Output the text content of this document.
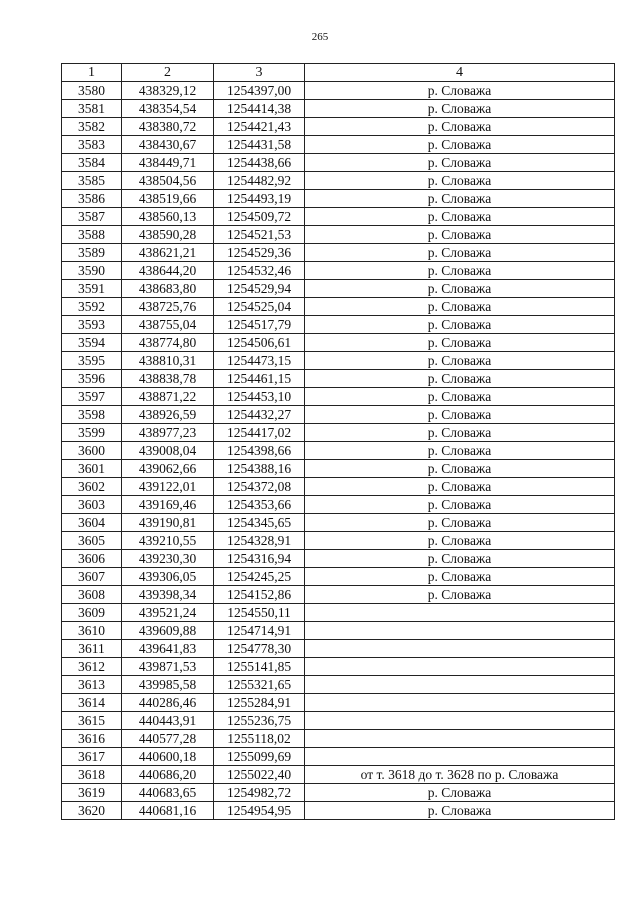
265
1	2	3	4
3580	438329,12	1254397,00	р. Словажа
3581	438354,54	1254414,38	р. Словажа
3582	438380,72	1254421,43	р. Словажа
3583	438430,67	1254431,58	р. Словажа
3584	438449,71	1254438,66	р. Словажа
3585	438504,56	1254482,92	р. Словажа
3586	438519,66	1254493,19	р. Словажа
3587	438560,13	1254509,72	р. Словажа
3588	438590,28	1254521,53	р. Словажа
3589	438621,21	1254529,36	р. Словажа
3590	438644,20	1254532,46	р. Словажа
3591	438683,80	1254529,94	р. Словажа
3592	438725,76	1254525,04	р. Словажа
3593	438755,04	1254517,79	р. Словажа
3594	438774,80	1254506,61	р. Словажа
3595	438810,31	1254473,15	р. Словажа
3596	438838,78	1254461,15	р. Словажа
3597	438871,22	1254453,10	р. Словажа
3598	438926,59	1254432,27	р. Словажа
3599	438977,23	1254417,02	р. Словажа
3600	439008,04	1254398,66	р. Словажа
3601	439062,66	1254388,16	р. Словажа
3602	439122,01	1254372,08	р. Словажа
3603	439169,46	1254353,66	р. Словажа
3604	439190,81	1254345,65	р. Словажа
3605	439210,55	1254328,91	р. Словажа
3606	439230,30	1254316,94	р. Словажа
3607	439306,05	1254245,25	р. Словажа
3608	439398,34	1254152,86	р. Словажа
3609	439521,24	1254550,11	
3610	439609,88	1254714,91	
3611	439641,83	1254778,30	
3612	439871,53	1255141,85	
3613	439985,58	1255321,65	
3614	440286,46	1255284,91	
3615	440443,91	1255236,75	
3616	440577,28	1255118,02	
3617	440600,18	1255099,69	
3618	440686,20	1255022,40	от т. 3618 до т. 3628 по р. Словажа
3619	440683,65	1254982,72	р. Словажа
3620	440681,16	1254954,95	р. Словажа
